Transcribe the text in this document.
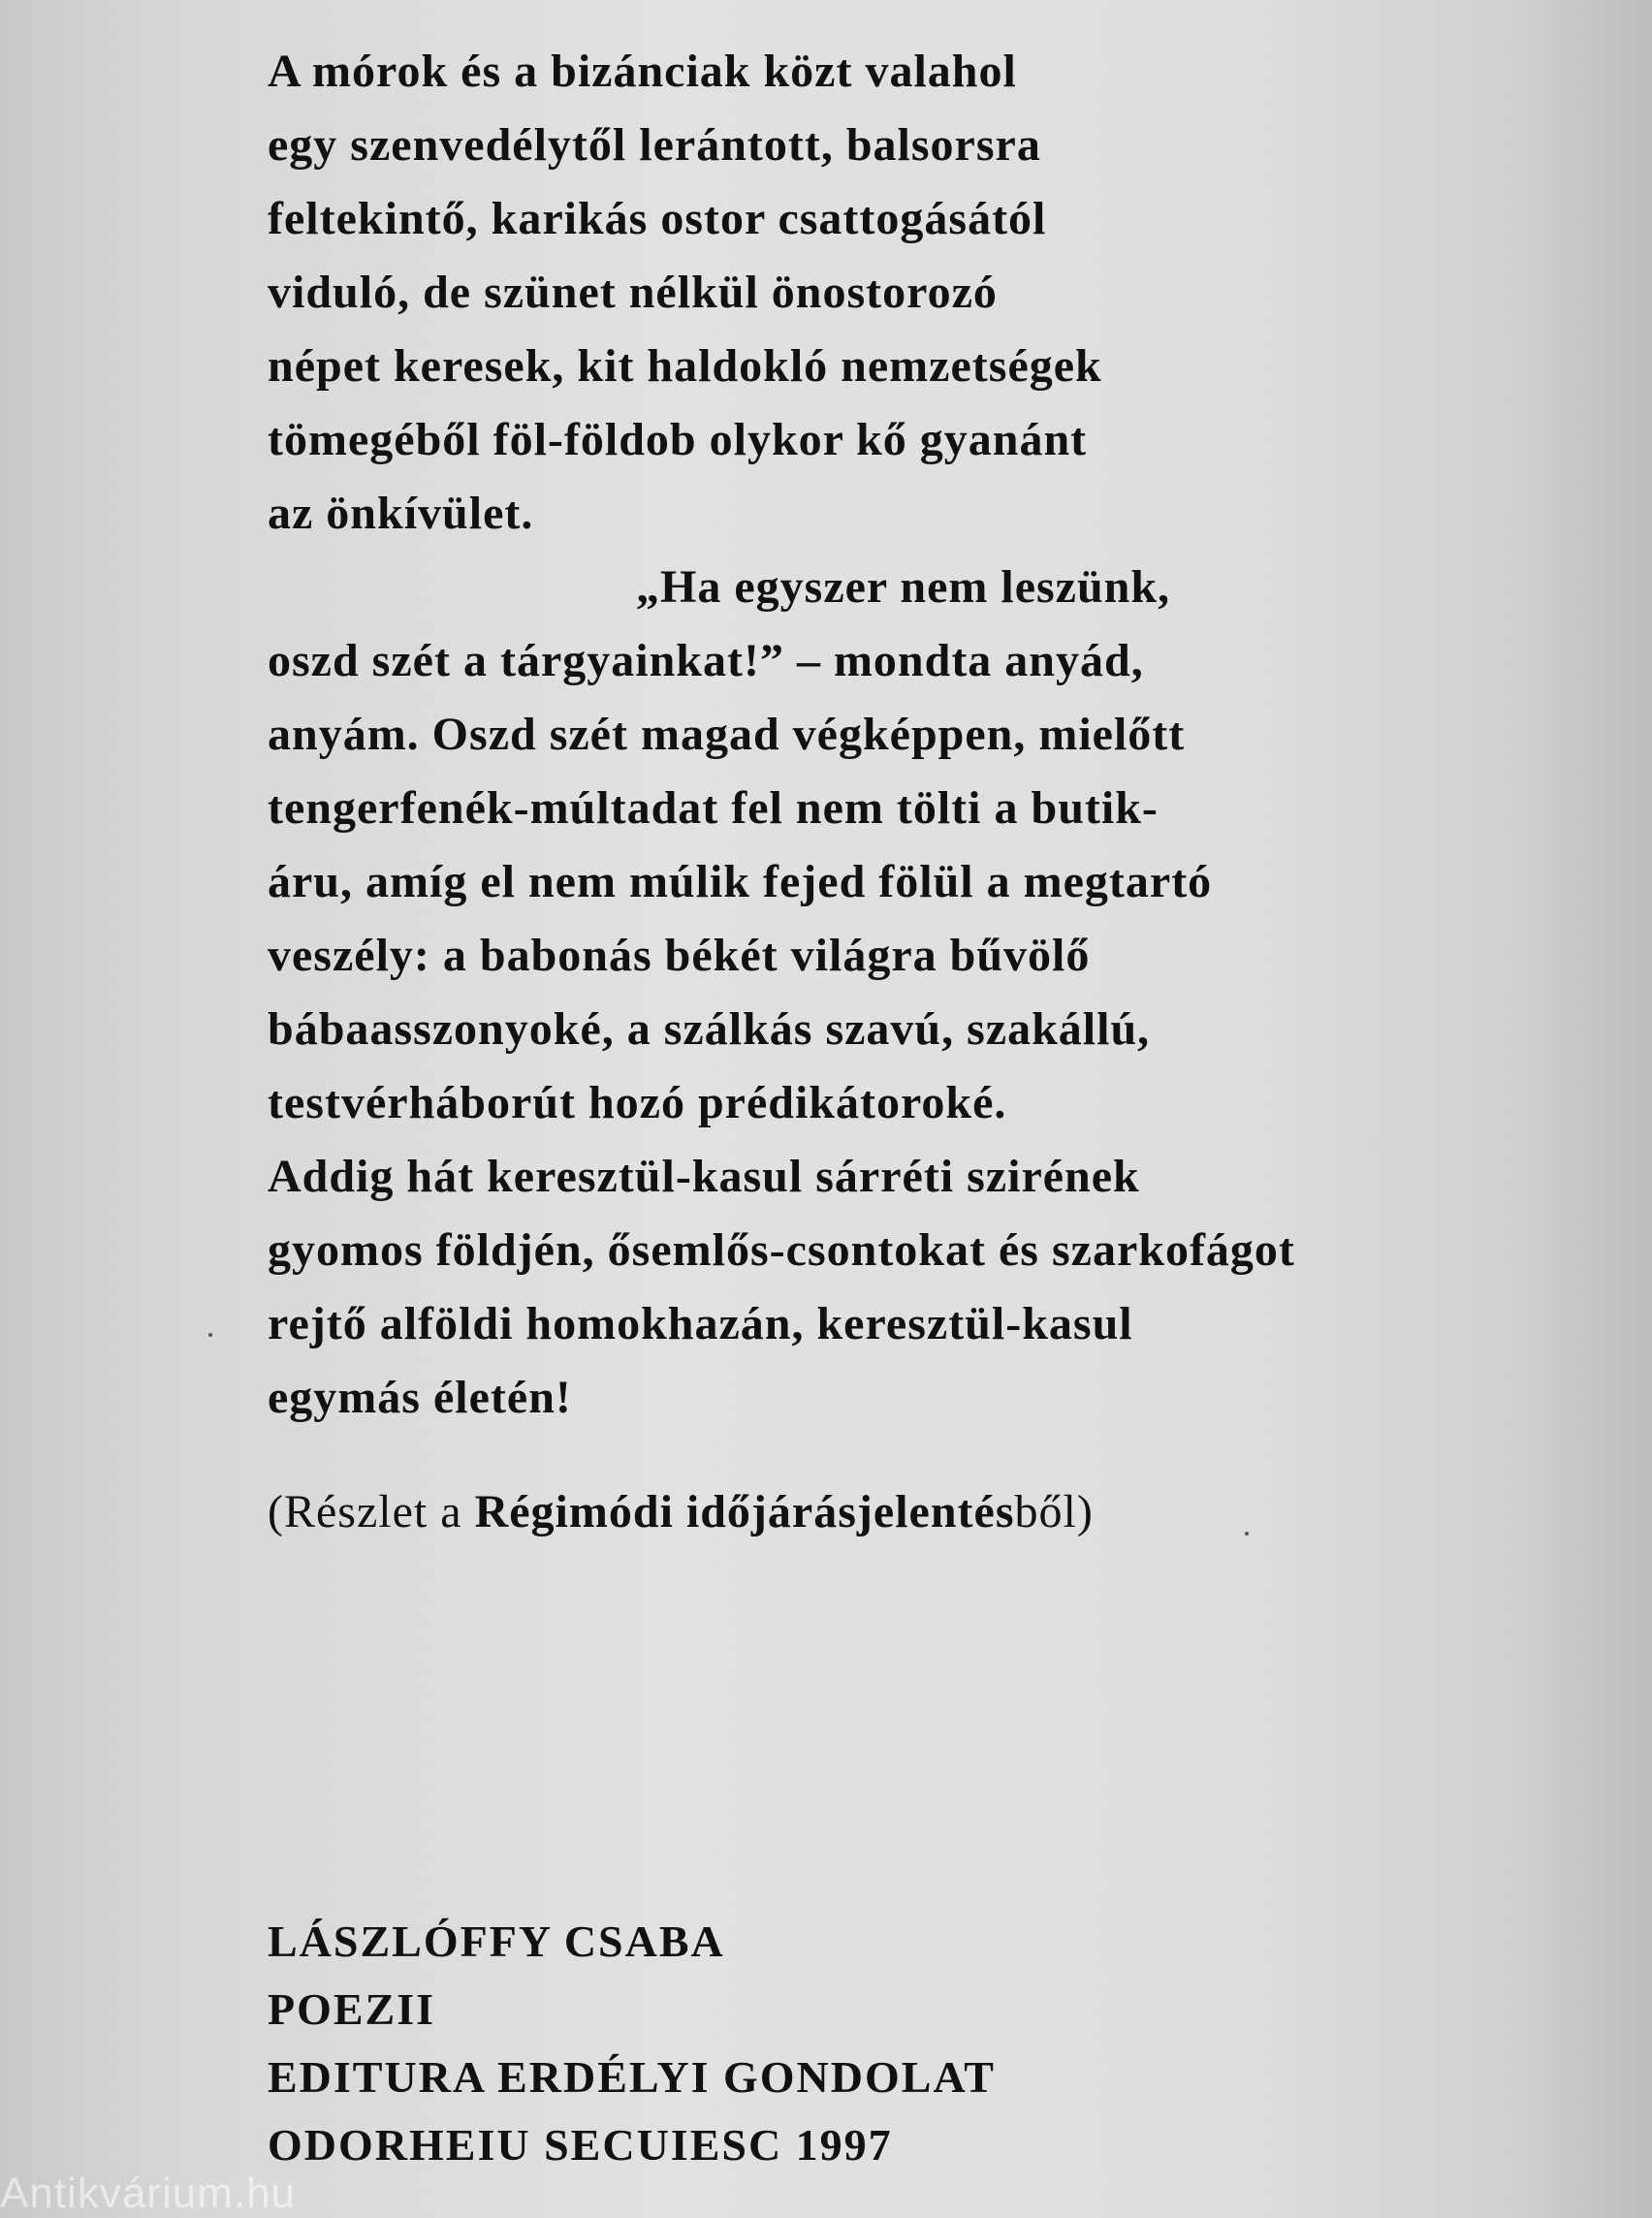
A mórok és a bizánciak közt valahol
egy szenvedélytől lerántott, balsorsra
feltekintő, karikás ostor csattogásától
viduló, de szünet nélkül önostorozó
népet keresek, kit haldokló nemzetségek
tömegéből föl-földob olykor kő gyanánt
az önkívület.
„Ha egyszer nem leszünk,
oszd szét a tárgyainkat!” – mondta anyád,
anyám. Oszd szét magad végképpen, mielőtt
tengerfenék-múltadat fel nem tölti a butik-
áru, amíg el nem múlik fejed fölül a megtartó
veszély: a babonás békét világra bűvölő
bábaasszonyoké, a szálkás szavú, szakállú,
testvérháborút hozó prédikátoroké.
Addig hát keresztül-kasul sárréti szirének
gyomos földjén, ősemlős-csontokat és szarkofágot
rejtő alföldi homokhazán, keresztül-kasul
egymás életén!
(Részlet a Régimódi időjárásjelentésből)
LÁSZLÓFFY CSABA
POEZII
EDITURA ERDÉLYI GONDOLAT
ODORHEIU SECUIESC 1997
Antikvárium.hu
